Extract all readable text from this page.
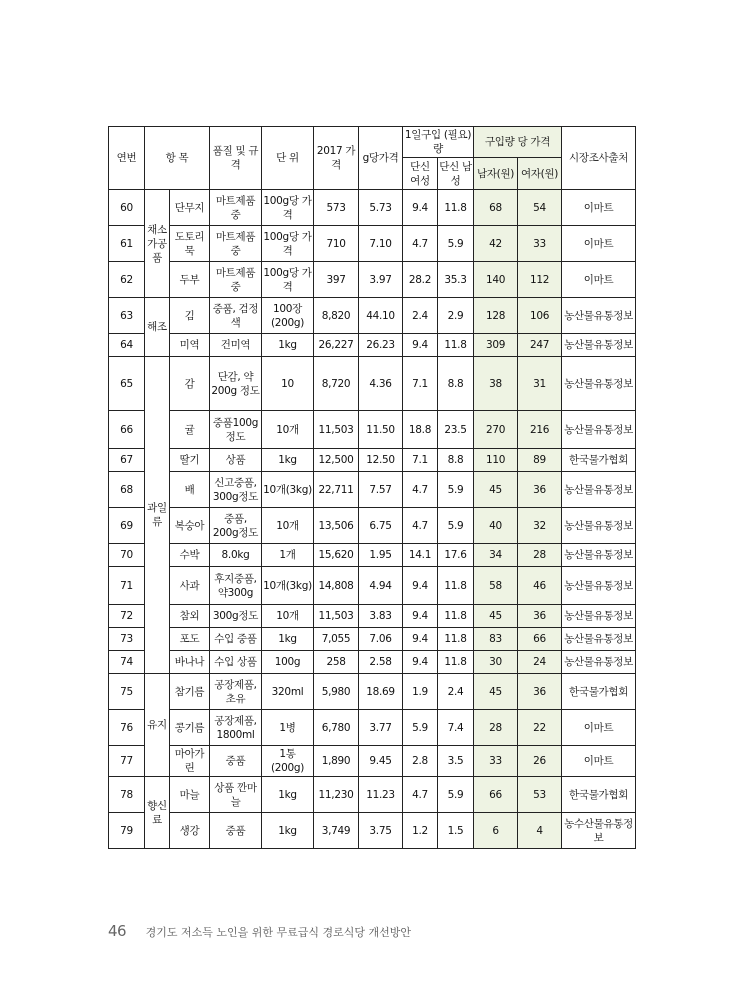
연번	항 목		품질 및 규격	단 위	2017 가격	g당가격	1일구입 (필요)량		구입량 당 가격		시장조사출처
							단신 여성	단신 남성	남자(원)	여자(원)	
60	채소 가공 품	단무지	마트제품중	100g당 가격	573	5.73	9.4	11.8	68	54	이마트
61		도토리묵	마트제품중	100g당 가격	710	7.10	4.7	5.9	42	33	이마트
62		두부	마트제품중	100g당 가격	397	3.97	28.2	35.3	140	112	이마트
63	해조	김	중품, 검정색	100장 (200g)	8,820	44.10	2.4	2.9	128	106	농산물유통정보
64		미역	건미역	1kg	26,227	26.23	9.4	11.8	309	247	농산물유통정보
65	과일 류	감	단감, 약200g 정도	10	8,720	4.36	7.1	8.8	38	31	농산물유통정보
66		귤	중품100g 정도	10개	11,503	11.50	18.8	23.5	270	216	농산물유통정보
67		딸기	상품	1kg	12,500	12.50	7.1	8.8	110	89	한국물가협회
68		배	신고중품, 300g정도	10개(3kg)	22,711	7.57	4.7	5.9	45	36	농산물유통정보
69		복숭아	중품, 200g정도	10개	13,506	6.75	4.7	5.9	40	32	농산물유통정보
70		수박	8.0kg	1개	15,620	1.95	14.1	17.6	34	28	농산물유통정보
71		사과	후지중품, 약300g	10개(3kg)	14,808	4.94	9.4	11.8	58	46	농산물유통정보
72		참외	300g정도	10개	11,503	3.83	9.4	11.8	45	36	농산물유통정보
73		포도	수입 중품	1kg	7,055	7.06	9.4	11.8	83	66	농산물유통정보
74		바나나	수입 상품	100g	258	2.58	9.4	11.8	30	24	농산물유통정보
75	유지	참기름	공장제품, 초유	320ml	5,980	18.69	1.9	2.4	45	36	한국물가협회
76		콩기름	공장제품, 1800ml	1병	6,780	3.77	5.9	7.4	28	22	이마트
77		마아가린	중품	1통(200g)	1,890	9.45	2.8	3.5	33	26	이마트
78	향신 료	마늘	상품 깐마늘	1kg	11,230	11.23	4.7	5.9	66	53	한국물가협회
79		생강	중품	1kg	3,749	3.75	1.2	1.5	6	4	농수산물유통정보
46 경기도 저소득 노인을 위한 무료급식 경로식당 개선방안
